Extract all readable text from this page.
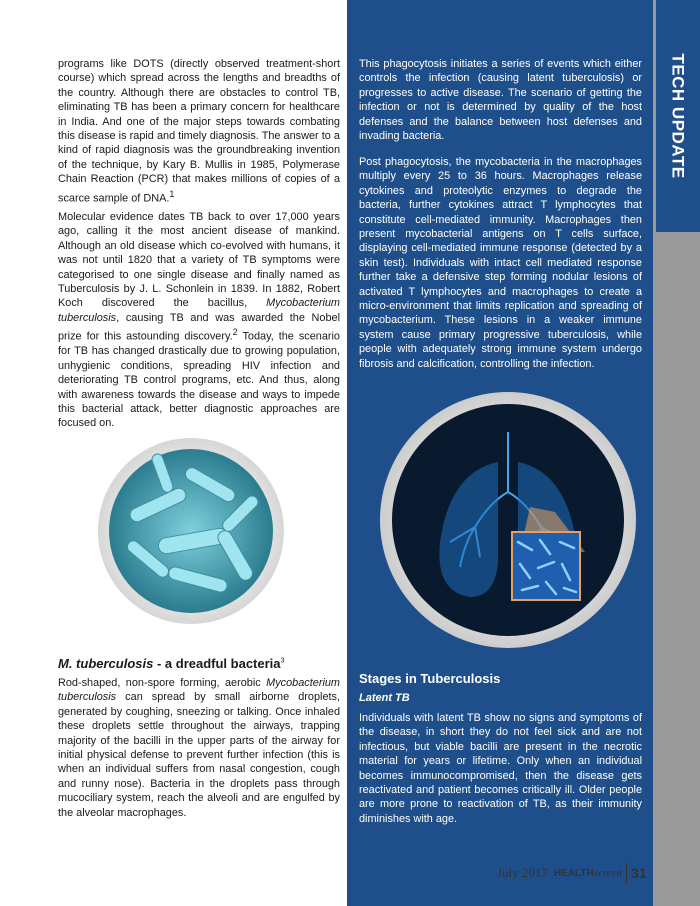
TECH UPDATE

programs like DOTS (directly observed treatment-short course) which spread across the lengths and breadths of the country. Although there are obstacles to control TB, eliminating TB has been a primary concern for healthcare in India. And one of the major steps towards combating this disease is rapid and timely diagnosis. The answer to a kind of rapid diagnosis was the groundbreaking invention of the technique, by Kary B. Mullis in 1985, Polymerase Chain Reaction (PCR) that makes millions of copies of a scarce sample of DNA.$^1$

Molecular evidence dates TB back to over 17,000 years ago, calling it the most ancient disease of mankind. Although an old disease which co-evolved with humans, it was not until 1820 that a variety of TB symptoms were categorised to one single disease and finally named as Tuberculosis by J. L. Schonlein in 1839. In 1882, Robert Koch discovered the bacillus, Mycobacterium tuberculosis, causing TB and was awarded the Nobel prize for this astounding discovery.$^2$ Today, the scenario for TB has changed drastically due to growing population, unhygienic conditions, spreading HIV infection and deteriorating TB control programs, etc. And thus, along with awareness towards the disease and ways to impede this bacterial attack, better diagnostic approaches are focused on.

M. tuberculosis - a dreadful bacteria$^3$

Rod-shaped, non-spore forming, aerobic Mycobacterium tuberculosis can spread by small airborne droplets, generated by coughing, sneezing or talking. Once inhaled these droplets settle throughout the airways, trapping majority of the bacilli in the upper parts of the airway for initial physical defense to prevent further infection (this is when an individual suffers from nasal congestion, cough and runny nose). Bacteria in the droplets pass through mucociliary system, reach the alveoli and are engulfed by the alveolar macrophages.

This phagocytosis initiates a series of events which either controls the infection (causing latent tuberculosis) or progresses to active disease. The scenario of getting the infection or not is determined by quality of the host defenses and the balance between host defenses and invading bacteria.

Post phagocytosis, the mycobacteria in the macrophages multiply every 25 to 36 hours. Macrophages release cytokines and proteolytic enzymes to degrade the bacteria, further cytokines attract T lymphocytes that constitute cell-mediated immunity. Macrophages then present mycobacterial antigens on T cells surface, displaying cell-mediated immune response (detected by a skin test). Individuals with intact cell mediated response further take a defensive step forming nodular lesions of activated T lymphocytes and macrophages to create a micro-environment that limits replication and spreading of mycobacterium. These lesions in a weaker immune system cause primary progressive tuberculosis, while people with adequately strong immune system undergo fibrosis and calcification, controlling the infection.

Stages in Tuberculosis
Latent TB

Individuals with latent TB show no signs and symptoms of the disease, in short they do not feel sick and are not infectious, but viable bacilli are present in the necrotic material for years or lifetime. Only when an individual becomes immunocompromised, then the disease gets reactivated and patient becomes critically ill. Older people are more prone to reactivation of TB, as their immunity diminishes with age.

July 2017 HEALTHscreen 31
